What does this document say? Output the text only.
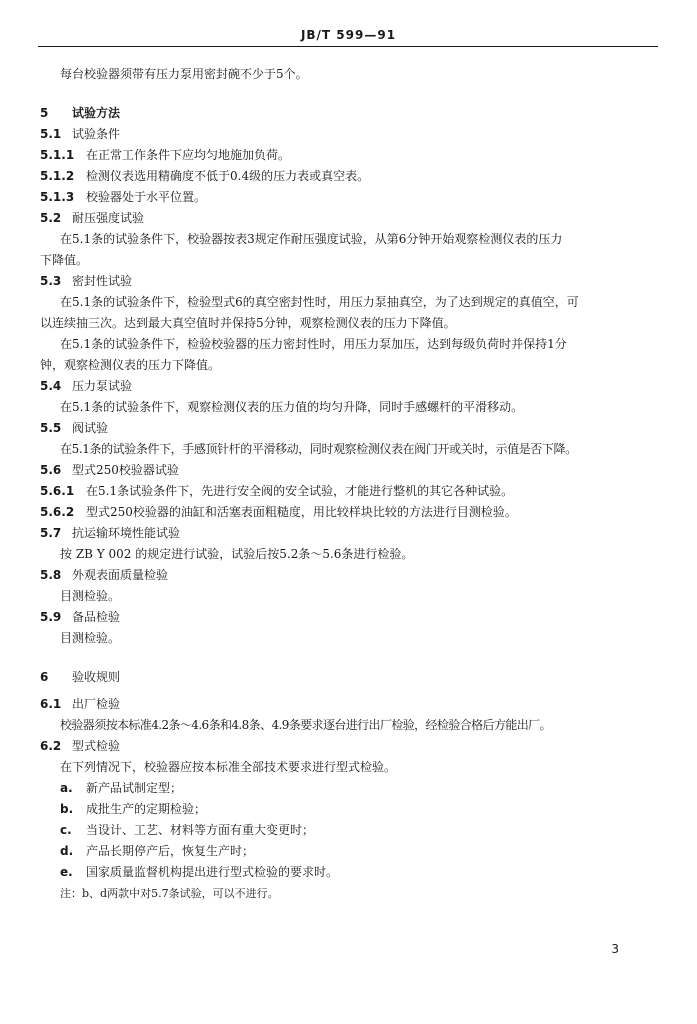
JB/T 599—91
每台校验器须带有压力泵用密封碗不少于5个。
5 试验方法
5.1 试验条件
5.1.1 在正常工作条件下应均匀地施加负荷。
5.1.2 检测仪表选用精确度不低于0.4级的压力表或真空表。
5.1.3 校验器处于水平位置。
5.2 耐压强度试验
在5.1条的试验条件下，校验器按表3规定作耐压强度试验，从第6分钟开始观察检测仪表的压力
下降值。
5.3 密封性试验
在5.1条的试验条件下，检验型式6的真空密封性时，用压力泵抽真空，为了达到规定的真值空，可
以连续抽三次。达到最大真空值时并保持5分钟，观察检测仪表的压力下降值。
在5.1条的试验条件下，检验校验器的压力密封性时，用压力泵加压，达到每级负荷时并保持1分
钟，观察检测仪表的压力下降值。
5.4 压力泵试验
在5.1条的试验条件下，观察检测仪表的压力值的均匀升降，同时手感螺杆的平滑移动。
5.5 阀试验
在5.1条的试验条件下，手感顶针杆的平滑移动，同时观察检测仪表在阀门开或关时，示值是否下降。
5.6 型式250校验器试验
5.6.1 在5.1条试验条件下，先进行安全阀的安全试验，才能进行整机的其它各种试验。
5.6.2 型式250校验器的油缸和活塞表面粗糙度，用比较样块比较的方法进行目测检验。
5.7 抗运输环境性能试验
按 ZB Y 002 的规定进行试验，试验后按5.2条～5.6条进行检验。
5.8 外观表面质量检验
目测检验。
5.9 备品检验
目测检验。
6 验收规则
6.1 出厂检验
校验器须按本标准4.2条～4.6条和4.8条、4.9条要求逐台进行出厂检验，经检验合格后方能出厂。
6.2 型式检验
在下列情况下，校验器应按本标准全部技术要求进行型式检验。
a. 新产品试制定型；
b. 成批生产的定期检验；
c. 当设计、工艺、材料等方面有重大变更时；
d. 产品长期停产后，恢复生产时；
e. 国家质量监督机构提出进行型式检验的要求时。
注：b、d两款中对5.7条试验，可以不进行。
3
